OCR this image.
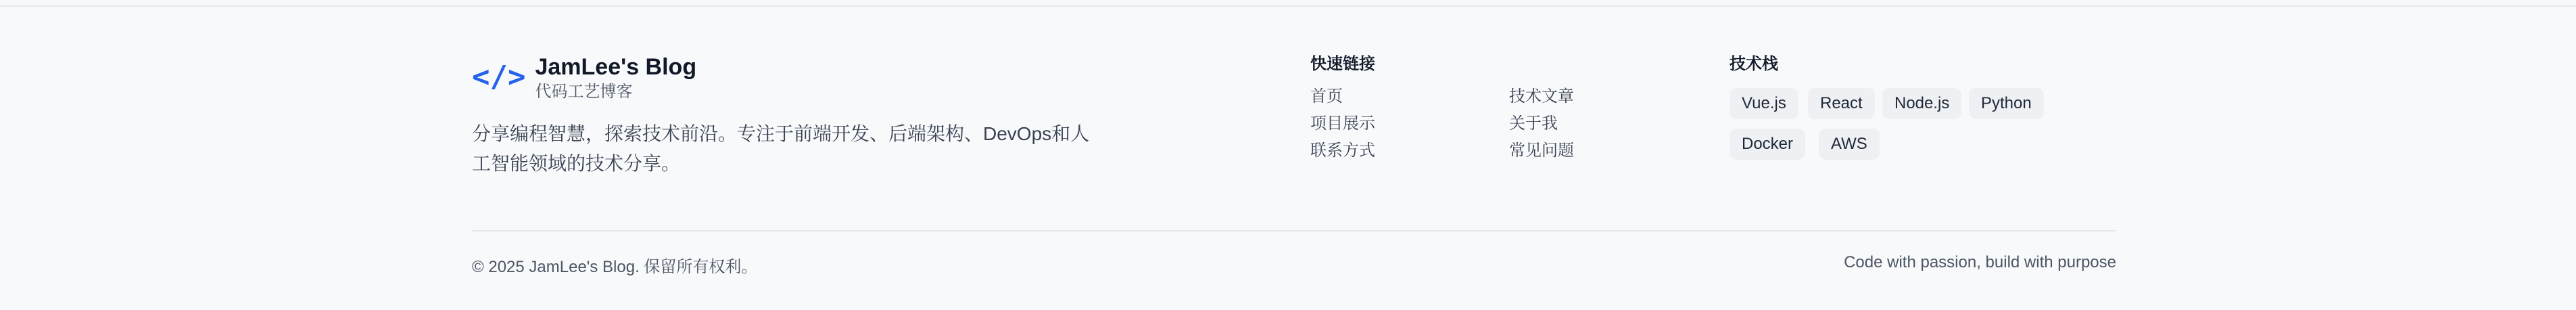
</> JamLee's Blog
代码工艺博客
分享编程智慧，探索技术前沿。专注于前端开发、后端架构、DevOps和人工智能领域的技术分享。
快速链接
首页
项目展示
联系方式
技术文章
关于我
常见问题
技术栈
Vue.js	React	Node.js	Python
Docker	AWS
© 2025 JamLee's Blog. 保留所有权利。	Code with passion, build with purpose
